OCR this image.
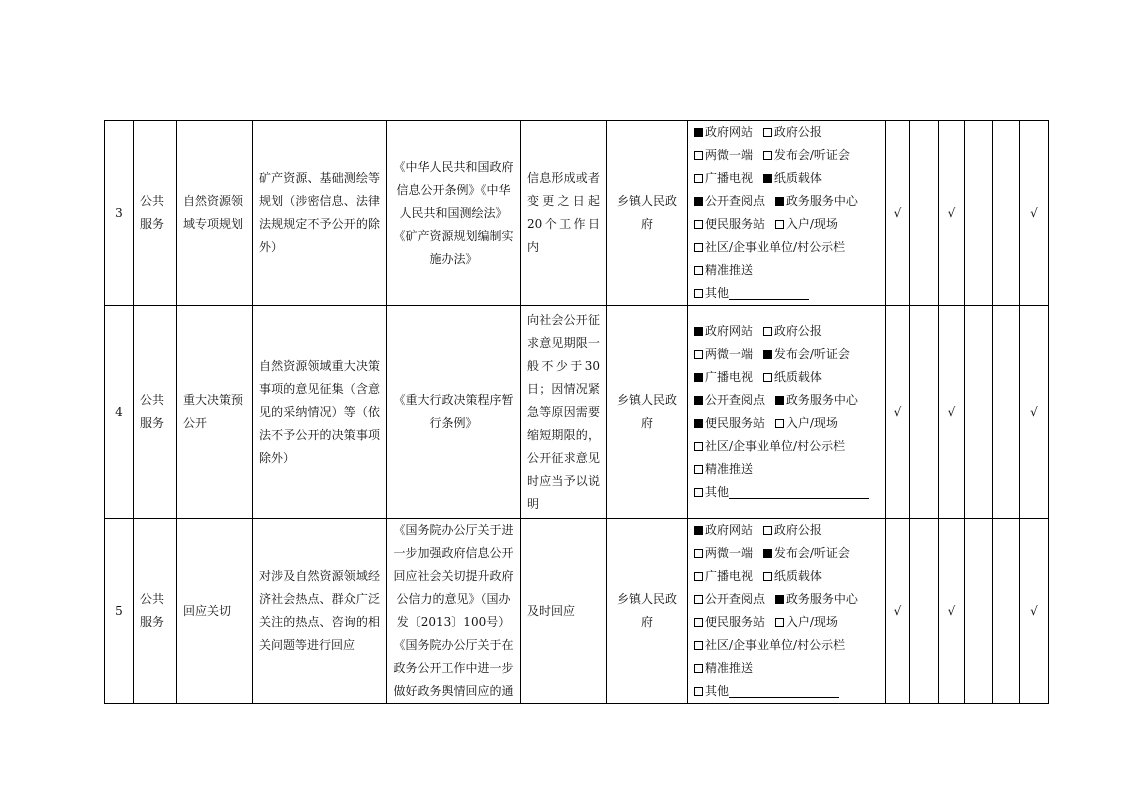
3	公共服务	自然资源领域专项规划	矿产资源、基础测绘等规划（涉密信息、法律法规规定不予公开的除外）	《中华人民共和国政府信息公开条例》《中华人民共和国测绘法》《矿产资源规划编制实施办法》	信息形成或者变更之日起20个工作日内	乡镇人民政府	政府网站 政府公报 两微一端 发布会/听证会 广播电视 纸质载体 公开查阅点 政务服务中心 便民服务站 入户/现场 社区/企事业单位/村公示栏 精准推送 其他	√		√			√
4	公共服务	重大决策预公开	自然资源领域重大决策事项的意见征集（含意见的采纳情况）等（依法不予公开的决策事项除外）	《重大行政决策程序暂行条例》	向社会公开征求意见期限一般不少于30日；因情况紧急等原因需要缩短期限的，公开征求意见时应当予以说明	乡镇人民政府	政府网站 政府公报 两微一端 发布会/听证会 广播电视 纸质载体 公开查阅点 政务服务中心 便民服务站 入户/现场 社区/企事业单位/村公示栏 精准推送 其他	√		√			√
5	公共服务	回应关切	对涉及自然资源领域经济社会热点、群众广泛关注的热点、咨询的相关问题等进行回应	《国务院办公厅关于进一步加强政府信息公开回应社会关切提升政府公信力的意见》（国办发〔2013〕100号）《国务院办公厅关于在政务公开工作中进一步做好政务舆情回应的通	及时回应	乡镇人民政府	政府网站 政府公报 两微一端 发布会/听证会 广播电视 纸质载体 公开查阅点 政务服务中心 便民服务站 入户/现场 社区/企事业单位/村公示栏 精准推送 其他	√		√			√
